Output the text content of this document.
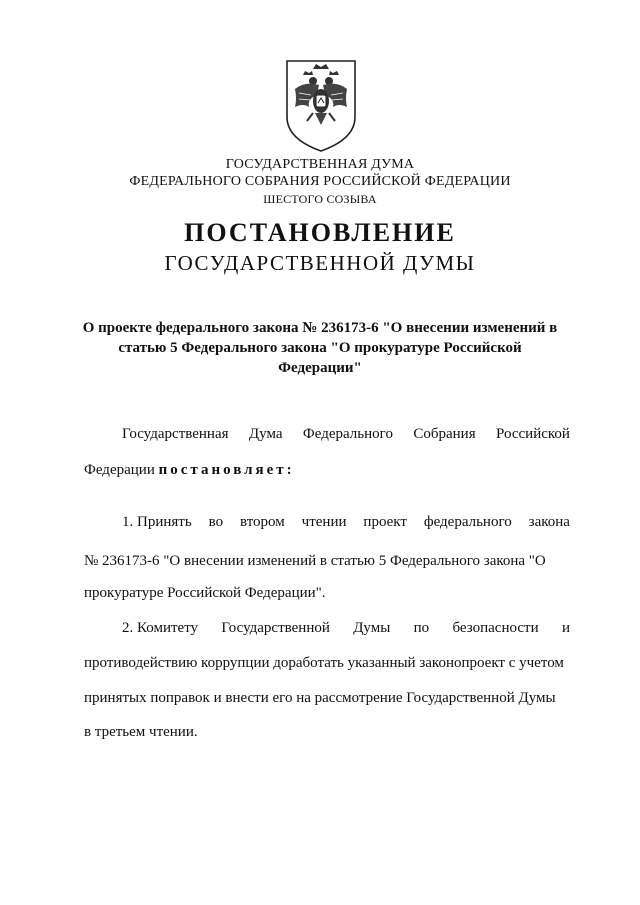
ГОСУДАРСТВЕННАЯ ДУМА
ФЕДЕРАЛЬНОГО СОБРАНИЯ РОССИЙСКОЙ ФЕДЕРАЦИИ
ШЕСТОГО СОЗЫВА
ПОСТАНОВЛЕНИЕ
ГОСУДАРСТВЕННОЙ ДУМЫ
О проекте федерального закона № 236173-6 "О внесении изменений в
статью 5 Федерального закона "О прокуратуре Российской
Федерации"
Государственная Дума Федерального Собрания Российской
Федерации постановляет:
1. Принять во втором чтении проект федерального закона
№ 236173-6 "О внесении изменений в статью 5 Федерального закона "О
прокуратуре Российской Федерации".
2. Комитету Государственной Думы по безопасности и
противодействию коррупции доработать указанный законопроект с учетом
принятых поправок и внести его на рассмотрение Государственной Думы
в третьем чтении.
